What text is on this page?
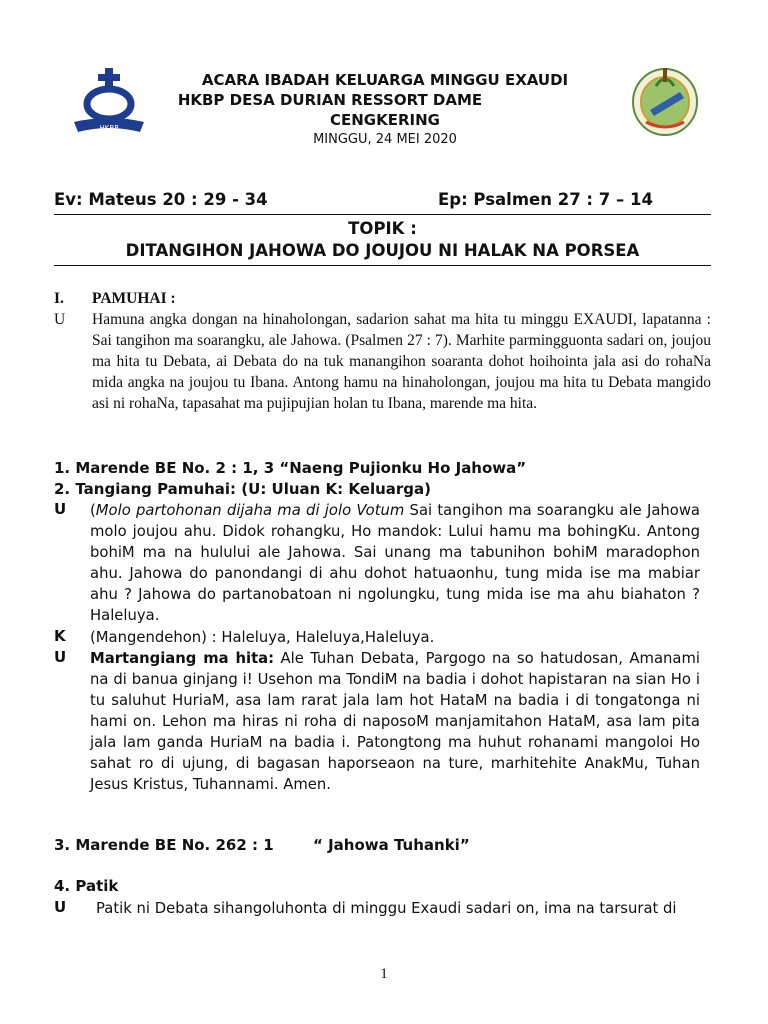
HKBP
ACARA IBADAH KELUARGA MINGGU EXAUDI
HKBP DESA DURIAN RESSORT DAME
CENGKERING
MINGGU, 24 MEI 2020
Ev: Mateus 20 : 29 - 34	Ep: Psalmen 27 : 7 – 14
TOPIK :
DITANGIHON JAHOWA DO JOUJOU NI HALAK NA PORSEA
I. PAMUHAI :
U Hamuna angka dongan na hinaholongan, sadarion sahat ma hita tu minggu EXAUDI, lapatanna : Sai tangihon ma soarangku, ale Jahowa. (Psalmen 27 : 7). Marhite parmingguonta sadari on, joujou ma hita tu Debata, ai Debata do na tuk manangihon soaranta dohot hoihointa jala asi do rohaNa mida angka na joujou tu Ibana. Antong hamu na hinaholongan, joujou ma hita tu Debata mangido asi ni rohaNa, tapasahat ma pujipujian holan tu Ibana, marende ma hita.
1. Marende BE No. 2 : 1, 3 “Naeng Pujionku Ho Jahowa”
2. Tangiang Pamuhai: (U: Uluan K: Keluarga)
U (Molo partohonan dijaha ma di jolo Votum Sai tangihon ma soarangku ale Jahowa molo joujou ahu. Didok rohangku, Ho mandok: Lului hamu ma bohingKu. Antong bohiM ma na hulului ale Jahowa. Sai unang ma tabunihon bohiM maradophon ahu. Jahowa do panondangi di ahu dohot hatuaonhu, tung mida ise ma mabiar ahu ? Jahowa do partanobatoan ni ngolungku, tung mida ise ma ahu biahaton ?Haleluya.
K (Mangendehon) : Haleluya, Haleluya,Haleluya.
U Martangiang ma hita: Ale Tuhan Debata, Pargogo na so hatudosan, Amanami na di banua ginjang i! Usehon ma TondiM na badia i dohot hapistaran na sian Ho i tu saluhut HuriaM, asa lam rarat jala lam hot HataM na badia i di tongatonga ni hami on. Lehon ma hiras ni roha di naposoM manjamitahon HataM, asa lam pita jala lam ganda HuriaM na badia i. Patongtong ma huhut rohanami mangoloi Ho sahat ro di ujung, di bagasan haporseaon na ture, marhitehite AnakMu, Tuhan Jesus Kristus, Tuhannami. Amen.
3. Marende BE No. 262 : 1	“ Jahowa Tuhanki”
4. Patik
U Patik ni Debata sihangoluhonta di minggu Exaudi sadari on, ima na tarsurat di
1
